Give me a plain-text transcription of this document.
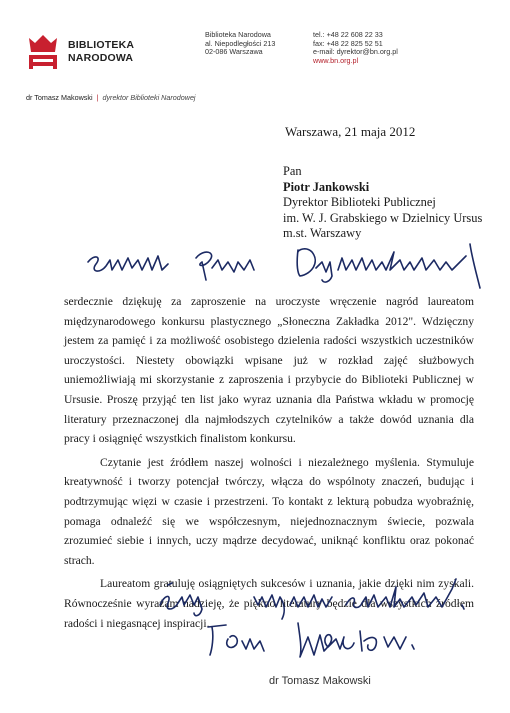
BIBLIOTEKA
NARODOWA
Biblioteka Narodowa
al. Niepodległości 213
02-086 Warszawa
tel.: +48 22 608 22 33
fax: +48 22 825 52 51
e-mail: dyrektor@bn.org.pl
www.bn.org.pl
dr Tomasz Makowski | dyrektor Biblioteki Narodowej
Warszawa, 21 maja 2012
Pan
Piotr Jankowski
Dyrektor Biblioteki Publicznej
im. W. J. Grabskiego w Dzielnicy Ursus
m.st. Warszawy

serdecznie dziękuję za zaproszenie na uroczyste wręczenie nagród laureatom międzynarodowego konkursu plastycznego „Słoneczna Zakładka 2012". Wdzięczny jestem za pamięć i za możliwość osobistego dzielenia radości wszystkich uczestników uroczystości. Niestety obowiązki wpisane już w rozkład zajęć służbowych uniemożliwiają mi skorzystanie z zaproszenia i przybycie do Biblioteki Publicznej w Ursusie. Proszę przyjąć ten list jako wyraz uznania dla Państwa wkładu w promocję literatury przeznaczonej dla najmłodszych czytelników a także dowód uznania dla pracy i osiągnięć wszystkich finalistom konkursu.

Czytanie jest źródłem naszej wolności i niezależnego myślenia. Stymuluje kreatywność i tworzy potencjał twórczy, włącza do wspólnoty znaczeń, budując i podtrzymując więzi w czasie i przestrzeni. To kontakt z lekturą pobudza wyobraźnię, pomaga odnaleźć się we współczesnym, niejednoznacznym świecie, pozwala zrozumieć siebie i innych, uczy mądrze decydować, uniknąć konfliktu oraz pokonać strach.

Laureatom gratuluję osiągniętych sukcesów i uznania, jakie dzięki nim zyskali. Równocześnie wyrażam nadzieję, że piękno literatury będzie dla wszystkich źródłem radości i niegasnącej inspiracji.

dr Tomasz Makowski
